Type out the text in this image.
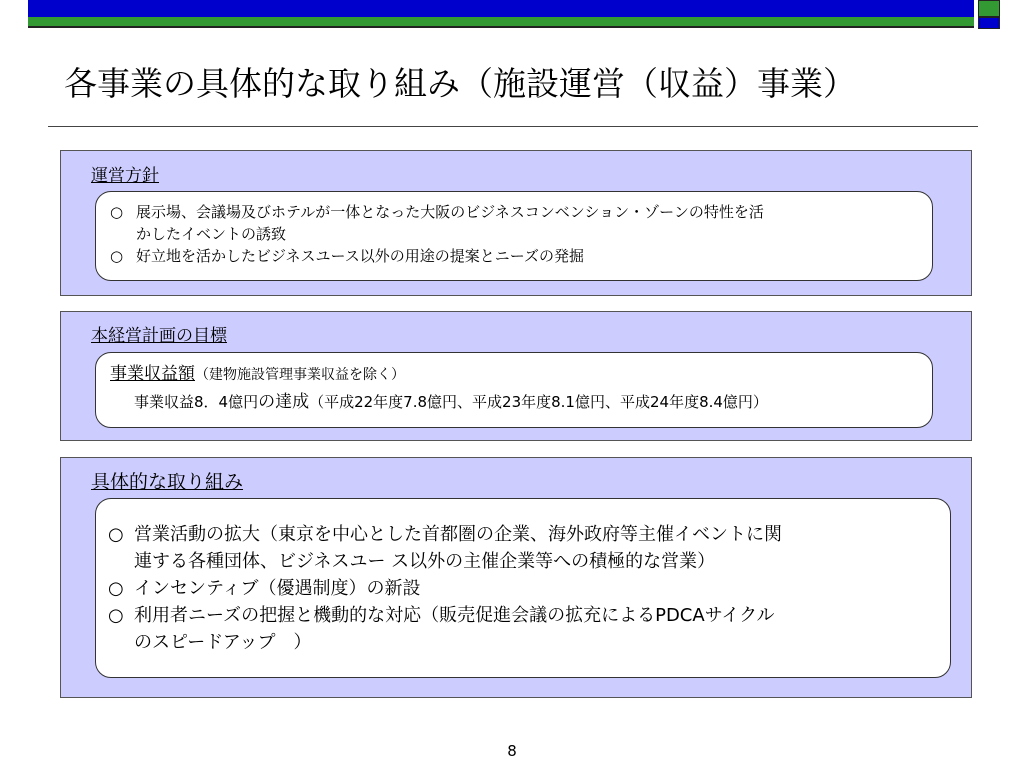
各事業の具体的な取り組み（施設運営（収益）事業）
運営方針
○ 展示場、会議場及びホテルが一体となった大阪のビジネスコンベンション・ゾーンの特性を活
かしたイベントの誘致
○ 好立地を活かしたビジネスユース以外の用途の提案とニーズの発掘
本経営計画の目標
事業収益額（建物施設管理事業収益を除く）
事業収益8．4億円の達成（平成22年度7.8億円、平成23年度8.1億円、平成24年度8.4億円）
具体的な取り組み
○ 営業活動の拡大（東京を中心とした首都圏の企業、海外政府等主催イベントに関
連する各種団体、ビジネスユー ス以外の主催企業等への積極的な営業）
○ インセンティブ（優遇制度）の新設
○ 利用者ニーズの把握と機動的な対応（販売促進会議の拡充によるPDCAサイクル
のスピードアップ　）
8
